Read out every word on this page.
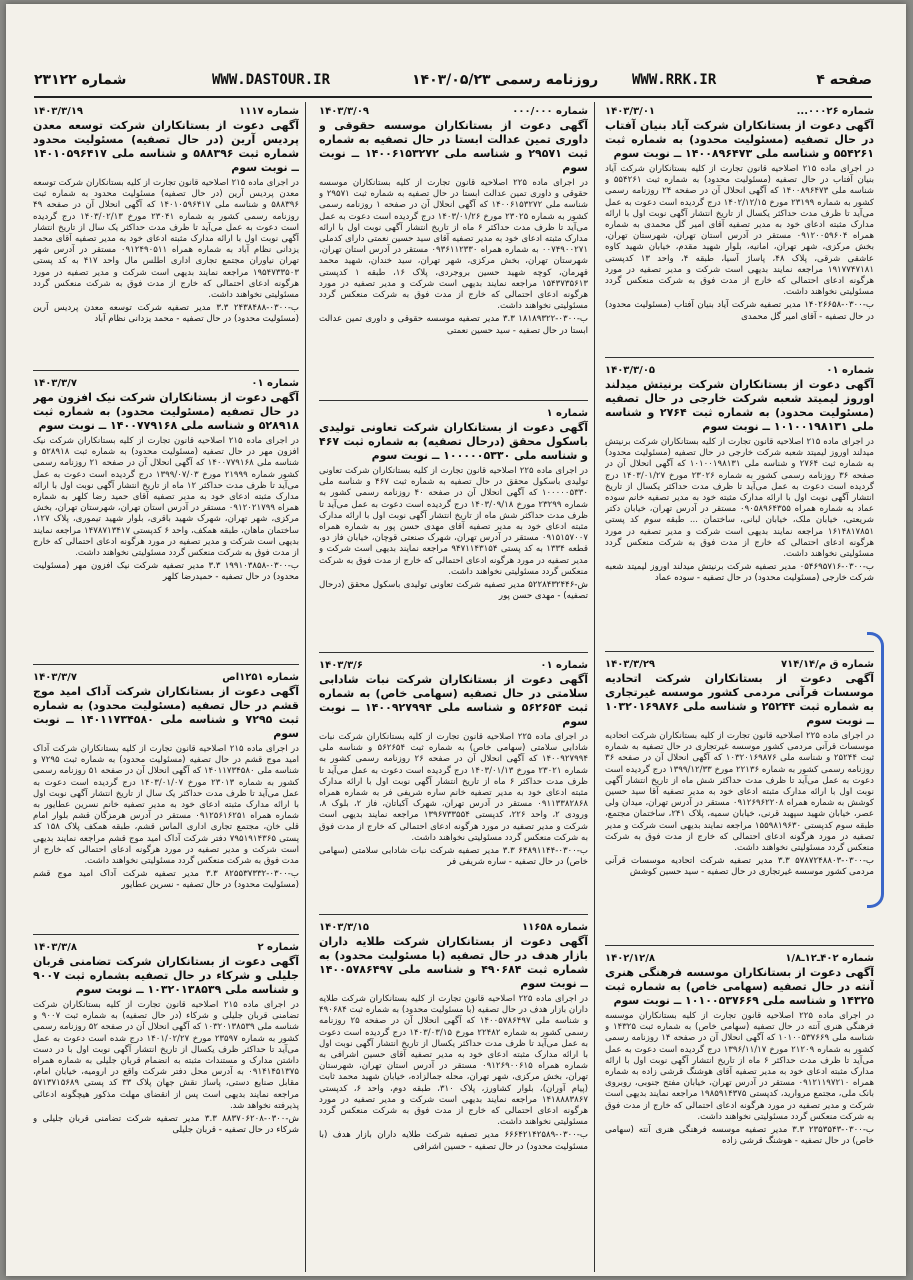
صفحه ۴
WWW.RRK.IR
روزنامه رسمی ۱۴۰۳/۰۵/۲۳
WWW.DASTOUR.IR
شماره ۲۳۱۲۲
۱۴۰۳/۳/۰۱	شماره ۰۰۰۲۶...
آگهی دعوت از بستانکاران شرکت آیاد بنیان آفتاب در حال تصفیه (مسئولیت محدود) به شماره ثبت ۵۵۴۲۶۱ و شناسه ملی ۱۴۰۰۸۹۶۴۷۳ ــ نوبت سوم
در اجرای ماده ۲۱۵ اصلاحیه قانون تجارت از کلیه بستانکاران شرکت آیاد بنیان آفتاب در حال تصفیه (مسئولیت محدود) به شماره ثبت ۵۵۴۲۶۱ و شناسه ملی ۱۴۰۰۸۹۶۴۷۳ که آگهی انحلال آن در صفحه ۲۴ روزنامه رسمی کشور به شماره ۲۳۱۹۹ مورخ ۱۴۰۲/۱۲/۱۵ درج گردیده است دعوت به عمل می‌آید تا ظرف مدت حداکثر یکسال از تاریخ انتشار آگهی نوبت اول با ارائه مدارک مثبته ادعای خود به مدیر تصفیه آقای امیر گل محمدی به شماره همراه ۰۹۱۲۰۰۵۹۶۰۴ مستقر در آدرس استان تهران، شهرستان تهران، بخش مرکزی، شهر تهران، امانیه، بلوار شهید مقدم، خیابان شهید کاوه عاشقی شرقی، پلاک ۴۸، پاساژ آسیا، طبقه ۴، واحد ۱۳ کدپستی ۱۹۱۷۷۴۷۱۸۱ مراجعه نمایند بدیهی است شرکت و مدیر تصفیه در مورد هرگونه ادعای احتمالی که خارج از مدت فوق به شرکت منعکس گردد مسئولیتی نخواهند داشت.
ب-۰۳۰۰-۱۴۰۲۶۶۵۸ مدیر تصفیه شرکت آیاد بنیان آفتاب (مسئولیت محدود) در حال تصفیه - آقای امیر گل محمدی
۱۴۰۳/۳/۰۵	شماره ۰۱
آگهی دعوت از بستانکاران شرکت برنیتش میدلند اوروز لیمیتد شعبه شرکت خارجی در حال تصفیه (مسئولیت محدود) به شماره ثبت ۲۷۶۴ و شناسه ملی ۱۰۱۰۰۱۹۸۱۳۱ ــ نوبت سوم
در اجرای ماده ۲۱۵ اصلاحیه قانون تجارت از کلیه بستانکاران شرکت برنیتش میدلند اوروز لیمیتد شعبه شرکت خارجی در حال تصفیه (مسئولیت محدود) به شماره ثبت ۲۷۶۴ و شناسه ملی ۱۰۱۰۰۱۹۸۱۳۱ که آگهی انحلال آن در صفحه ۳۶ روزنامه رسمی کشور به شماره ۲۳۰۲۶ مورخ ۱۴۰۳/۰۱/۲۷ درج گردیده است دعوت به عمل می‌آید تا ظرف مدت حداکثر یکسال از تاریخ انتشار آگهی نوبت اول با ارائه مدارک مثبته خود به مدیر تصفیه خانم سوده عماد به شماره همراه ۰۹۰۵۸۹۶۴۳۵۵ مستقر در آدرس تهران، خیابان دکتر شریعتی، خیابان ملک، خیابان لبانی، ساختمان ... طبقه سوم کد پستی ۱۶۱۴۸۱۷۸۵۱ مراجعه نمایند بدیهی است شرکت و مدیر تصفیه در مورد هرگونه ادعای احتمالی که خارج از مدت فوق به شرکت منعکس گردد مسئولیتی نخواهند داشت.
ب-۰۳۰۰-۰۵۴۶۹۵۷۱۶ مدیر تصفیه شرکت برنیتش میدلند اوروز لیمیتد شعبه شرکت خارجی (مسئولیت محدود) در حال تصفیه - سوده عماد
۱۴۰۳/۳/۲۹	شماره ق م/۷۱۴/۱۴
آگهی دعوت از بستانکاران شرکت اتحادیه موسسات قرآنی مردمی کشور موسسه غیرتجاری به شماره ثبت ۲۵۲۴۴ و شناسه ملی ۱۰۳۲۰۱۶۹۸۷۶ ــ نوبت سوم
در اجرای ماده ۲۲۵ اصلاحیه قانون تجارت از کلیه بستانکاران شرکت اتحادیه موسسات قرآنی مردمی کشور موسسه غیرتجاری در حال تصفیه به شماره ثبت ۲۵۲۴۴ و شناسه ملی ۱۰۳۲۰۱۶۹۸۷۶ که آگهی انحلال آن در صفحه ۳۶ روزنامه رسمی کشور به شماره ۲۲۱۳۶ مورخ ۱۳۹۹/۱۲/۳۳ درج گردیده است دعوت به عمل می‌آید تا ظرف مدت حداکثر شش ماه از تاریخ انتشار آگهی نوبت اول با ارائه مدارک مثبته ادعای خود به مدیر تصفیه آقا سید حسین کوشش به شماره همراه ۰۹۱۲۶۹۶۲۲۰۸ مستقر در آدرس تهران، میدان ولی عصر، خیابان شهید سپهبد قرنی، خیابان سمیه، پلاک ۲۴۱، ساختمان مجتمع، طبقه سوم کدپستی ۱۵۵۹۸۱۹۶۳۰ مراجعه نمایند بدیهی است شرکت و مدیر تصفیه در مورد هرگونه ادعای احتمالی که خارج از مدت فوق به شرکت منعکس گردد مسئولیتی نخواهند داشت.
ب-۰۳۰۰-۵۷۸۷۲۴۸۸۰۳ ۳.۳ مدیر تصفیه شرکت اتحادیه موسسات قرآنی مردمی کشور موسسه غیرتجاری در حال تصفیه - سید حسین کوشش
۱۴۰۲/۱۲/۸	شماره ۴۰۲ـ۱۲ـ۱/۸
آگهی دعوت از بستانکاران موسسه فرهنگی هنری آنته در حال تصفیه (سهامی خاص) به شماره ثبت ۱۴۳۲۵ و شناسه ملی ۱۰۱۰۰۵۳۷۶۶۹ ــ نوبت سوم
در اجرای ماده ۲۲۵ اصلاحیه قانون تجارت از کلیه بستانکاران موسسه فرهنگی هنری آنته در حال تصفیه (سهامی خاص) به شماره ثبت ۱۴۳۲۵ و شناسه ملی ۱۰۱۰۰۵۳۷۶۶۹ که آگهی انحلال آن در صفحه ۱۴ روزنامه رسمی کشور به شماره ۲۱۲۰۹ مورخ ۱۳۹۶/۱۱/۱۷ درج گردیده است دعوت به عمل می‌آید تا ظرف مدت حداکثر ۶ ماه از تاریخ انتشار آگهی نوبت اول با ارائه مدارک مثبته ادعای خود به مدیر تصفیه آقای هوشنگ قرشی زاده به شماره همراه ۰۹۱۲۱۱۹۷۲۱۰ مستقر در آدرس تهران، خیابان مفتح جنوبی، روبروی بانک ملی، مجتمع مروارید، کدپستی ۱۹۸۵۹۱۴۳۷۵ مراجعه نمایند بدیهی است شرکت و مدیر تصفیه در مورد هرگونه ادعای احتمالی که خارج از مدت فوق به شرکت منعکس گردد مسئولیتی نخواهند داشت.
ب-۰۳۰۰-۲۳۵۳۵۴۳ ۳.۳ مدیر تصفیه موسسه فرهنگی هنری آنته (سهامی خاص) در حال تصفیه - هوشنگ قرشی زاده
۱۴۰۳/۳/۰۹	شماره ۰۰۰/۰۰۰
آگهی دعوت از بستانکاران موسسه حقوقی و داوری تمین عدالت ابستا در حال تصفیه به شماره ثبت ۲۹۵۷۱ و شناسه ملی ۱۴۰۰۶۱۵۳۲۷۲ ــ نوبت سوم
در اجرای ماده ۲۲۵ اصلاحیه قانون تجارت از کلیه بستانکاران موسسه حقوقی و داوری تمین عدالت ابستا در حال تصفیه به شماره ثبت ۲۹۵۷۱ و شناسه ملی ۱۴۰۰۶۱۵۳۲۷۲ که آگهی انحلال آن در صفحه ۱ روزنامه رسمی کشور به شماره ۲۳۰۲۵ مورخ ۱۴۰۳/۰۱/۲۶ درج گردیده است دعوت به عمل می‌آید تا ظرف مدت حداکثر ۶ ماه از تاریخ انتشار آگهی نوبت اول با ارائه مدارک مثبته ادعای خود به مدیر تصفیه آقای سید حسین نعمتی دارای کدملی ۰۰۷۴۹۰۰۲۷۱ به شماره همراه ۰۹۳۶۱۱۲۳۳۰ مستقر در آدرس استان تهران، شهرستان تهران، بخش مرکزی، شهر تهران، سید خندان، شهید محمد قهرمان، کوچه شهید حسین بروجردی، پلاک ۱۶، طبقه ۱ کدپستی ۱۵۴۳۷۳۵۶۱۳ مراجعه نمایند بدیهی است شرکت و مدیر تصفیه در مورد هرگونه ادعای احتمالی که خارج از مدت فوق به شرکت منعکس گردد مسئولیتی نخواهند داشت.
ب-۰۳۰۰-۱۸۱۸۹۳۲۲ ۳.۳ مدیر تصفیه موسسه حقوقی و داوری تمین عدالت ابستا در حال تصفیه - سید حسین نعمتی
شماره ۱
آگهی دعوت از بستانکاران شرکت تعاونی تولیدی باسکول محقق (درحال تصفیه) به شماره ثبت ۴۶۷ و شناسه ملی ۱۰۰۰۰۰۵۳۳۰ ــ نوبت سوم
در اجرای ماده ۲۲۵ اصلاحیه قانون تجارت از کلیه بستانکاران شرکت تعاونی تولیدی باسکول محقق در حال تصفیه به شماره ثبت ۴۶۷ و شناسه ملی ۱۰۰۰۰۰۵۳۳۰ که آگهی انحلال آن در صفحه ۴۰ روزنامه رسمی کشور به شماره ۲۳۲۹۹ مورخ ۱۴۰۳/۰۹/۱۸ درج گردیده است دعوت به عمل می‌آید تا ظرف مدت حداکثر شش ماه از تاریخ انتشار آگهی نوبت اول با ارائه مدارک مثبته ادعای خود به مدیر تصفیه آقای مهدی حسن پور به شماره همراه ۰۹۱۵۱۵۷۰۰۷ مستقر در آدرس تهران، شهرک صنعتی قوچان، خیابان فاز دو، قطعه ۱۳۳۴ به کد پستی ۹۴۷۱۱۴۳۱۵۴ مراجعه نمایند بدیهی است شرکت و مدیر تصفیه در مورد هرگونه ادعای احتمالی که خارج از مدت فوق به شرکت منعکس گردد مسئولیتی نخواهند داشت.
ش-۵۲۲۸۴۳۲۴۴۶ مدیر تصفیه شرکت تعاونی تولیدی باسکول محقق (درحال تصفیه) - مهدی حسن پور
۱۴۰۳/۳/۶	شماره ۰۱
آگهی دعوت از بستانکاران شرکت نبات شادابی سلامتی در حال تصفیه (سهامی خاص) به شماره ثبت ۵۶۲۶۵۴ و شناسه ملی ۱۴۰۰۹۲۷۹۹۴ ــ نوبت سوم
در اجرای ماده ۲۲۵ اصلاحیه قانون تجارت از کلیه بستانکاران شرکت نبات شادابی سلامتی (سهامی خاص) به شماره ثبت ۵۶۲۶۵۴ و شناسه ملی ۱۴۰۰۹۲۷۹۹۴ که آگهی انحلال آن در صفحه ۲۶ روزنامه رسمی کشور به شماره ۲۳۰۲۱ مورخ ۱۴۰۳/۰۱/۱۳ درج گردیده است دعوت به عمل می‌آید تا ظرف مدت حداکثر ۶ ماه از تاریخ انتشار آگهی نوبت اول با ارائه مدارک مثبته ادعای خود به مدیر تصفیه خانم ساره شریفی فر به شماره همراه ۰۹۱۱۳۳۸۲۸۶۸ مستقر در آدرس تهران، شهرک آکباتان، فاز ۲، بلوک ۸، ورودی ۲، واحد ۲۲۶، کدپستی ۱۳۹۶۷۳۳۵۵۴ مراجعه نمایند بدیهی است شرکت و مدیر تصفیه در مورد هرگونه ادعای احتمالی که خارج از مدت فوق به شرکت منعکس گردد مسئولیتی نخواهند داشت.
ب-۰۳۰۰-۶۴۸۹۱۱۴۴ ۳.۳ مدیر تصفیه شرکت نبات شادابی سلامتی (سهامی خاص) در حال تصفیه - ساره شریفی فر
۱۴۰۳/۳/۱۵	شماره ۱۱۶۵۸
آگهی دعوت از بستانکاران شرکت طلایه داران بازار هدف در حال تصفیه (با مسئولیت محدود) به شماره ثبت ۴۹۰۶۸۴ و شناسه ملی ۱۴۰۰۵۷۸۶۴۹۷ ــ نوبت سوم
در اجرای ماده ۲۲۵ اصلاحیه قانون تجارت از کلیه بستانکاران شرکت طلایه داران بازار هدف در حال تصفیه (با مسئولیت محدود) به شماره ثبت ۴۹۰۶۸۴ و شناسه ملی ۱۴۰۰۵۷۸۶۴۹۷ که آگهی انحلال آن در صفحه ۲۵ روزنامه رسمی کشور به شماره ۲۲۴۸۲ مورخ ۱۴۰۳/۰۳/۱۵ درج گردیده است دعوت به عمل می‌آید تا ظرف مدت حداکثر یکسال از تاریخ انتشار آگهی نوبت اول با ارائه مدارک مثبته ادعای خود به مدیر تصفیه آقای حسین اشرافی به شماره همراه ۰۹۱۲۶۹۰۰۶۱۵ مستقر در آدرس استان تهران، شهرستان تهران، بخش مرکزی، شهر تهران، محله جمالزاده، خیابان شهید محمد ثابت (پیام آوران)، بلوار کشاورز، پلاک ۳۱۰، طبقه دوم، واحد ۶، کدپستی ۱۴۱۸۸۸۳۸۶۷ مراجعه نمایند بدیهی است شرکت و مدیر تصفیه در مورد هرگونه ادعای احتمالی که خارج از مدت فوق به شرکت منعکس گردد مسئولیتی نخواهند داشت.
ب-۰۳۰۰-۶۶۶۴۲۱۴۲۵۸۹ مدیر تصفیه شرکت طلایه داران بازار هدف (با مسئولیت محدود) در حال تصفیه - حسین اشرافی
۱۴۰۳/۳/۱۹	شماره ۱۱۱۷
آگهی دعوت از بستانکاران شرکت توسعه معدن پردیس آرین (در حال تصفیه) مسئولیت محدود شماره ثبت ۵۸۸۳۹۶ و شناسه ملی ۱۴۰۱۰۵۹۶۴۱۷ ــ نوبت سوم
در اجرای ماده ۲۱۵ اصلاحیه قانون تجارت از کلیه بستانکاران شرکت توسعه معدن پردیس آرین (در حال تصفیه) مسئولیت محدود به شماره ثبت ۵۸۸۳۹۶ و شناسه ملی ۱۴۰۱۰۵۹۶۴۱۷ که آگهی انحلال آن در صفحه ۴۹ روزنامه رسمی کشور به شماره ۲۳۰۴۱ مورخ ۱۴۰۳/۰۲/۱۳ درج گردیده است دعوت به عمل می‌آید تا ظرف مدت حداکثر یک سال از تاریخ انتشار آگهی نوبت اول با ارائه مدارک مثبته ادعای خود به مدیر تصفیه آقای محمد یزدانی نظام آباد به شماره همراه ۰۹۱۲۴۹۰۵۱۱ مستقر در آدرس شهر تهران نیاوران مجتمع تجاری اداری اطلس مال واحد ۴۱۷ به کد پستی ۱۹۵۴۷۳۳۵۰۳ مراجعه نمایند بدیهی است شرکت و مدیر تصفیه در مورد هرگونه ادعای احتمالی که خارج از مدت فوق به شرکت منعکس گردد مسئولیتی نخواهند داشت.
ب-۰۳۰۰-۲۴۳۸۴۸۸ ۳.۳ مدیر تصفیه شرکت توسعه معدن پردیس آرین (مسئولیت محدود) در حال تصفیه - محمد یزدانی نظام آباد
۱۴۰۳/۳/۷	شماره ۰۱
آگهی دعوت از بستانکاران شرکت نیک افزون مهر در حال تصفیه (مسئولیت محدود) به شماره ثبت ۵۲۸۹۱۸ و شناسه ملی ۱۴۰۰۷۷۹۱۶۸ ــ نوبت سوم
در اجرای ماده ۲۱۵ اصلاحیه قانون تجارت از کلیه بستانکاران شرکت نیک افزون مهر در حال تصفیه (مسئولیت محدود) به شماره ثبت ۵۲۸۹۱۸ و شناسه ملی ۱۴۰۰۷۷۹۱۶۸ که آگهی انحلال آن در صفحه ۲۱ روزنامه رسمی کشور شماره ۲۱۹۹۹ مورخ ۱۳۹۹/۰۷/۰۳ درج گردیده است دعوت به عمل می‌آید تا ظرف مدت حداکثر ۱۲ ماه از تاریخ انتشار آگهی نوبت اول با ارائه مدارک مثبته ادعای خود به مدیر تصفیه آقای حمید رضا کلهر به شماره همراه ۰۹۱۲۰۲۱۷۹۹ مستقر در آدرس استان تهران، شهرستان تهران، بخش مرکزی، شهر تهران، شهرک شهید باقری، بلوار شهید تیموری، پلاک ۱۲۷، ساختمان ماهان، طبقه همکف، واحد ۶ کدپستی ۱۴۷۸۷۱۳۴۱۷ مراجعه نمایند بدیهی است شرکت و مدیر تصفیه در مورد هرگونه ادعای احتمالی که خارج از مدت فوق به شرکت منعکس گردد مسئولیتی نخواهند داشت.
ب-۰۳۰۰-۱۹۹۱۰۳۸۵۸ ۳.۳ مدیر تصفیه شرکت نیک افزون مهر (مسئولیت محدود) در حال تصفیه - حمیدرضا کلهر
۱۴۰۳/۳/۷	شماره ۱۲۵۱اص
آگهی دعوت از بستانکاران شرکت آداک امید موج قشم در حال تصفیه (مسئولیت محدود) به شماره ثبت ۷۲۹۵ و شناسه ملی ۱۴۰۱۱۷۳۴۵۸۰ ــ نوبت سوم
در اجرای ماده ۲۱۵ اصلاحیه قانون تجارت از کلیه بستانکاران شرکت آداک امید موج قشم در حال تصفیه (مسئولیت محدود) به شماره ثبت ۷۲۹۵ و شناسه ملی ۱۴۰۱۱۷۳۴۵۸۰ که آگهی انحلال آن در صفحه ۵۱ روزنامه رسمی کشور به شماره ۲۳۰۱۳ مورخ ۱۴۰۳/۰۱/۰۷ درج گردیده است دعوت به عمل می‌آید تا ظرف مدت حداکثر یک سال از تاریخ انتشار آگهی نوبت اول با ارائه مدارک مثبته ادعای خود به مدیر تصفیه خانم نسرین عطایور به شماره همراه ۰۹۱۲۵۶۱۶۲۵۱ مستقر در آدرس هرمزگان قشم بلوار امام قلی خان، مجتمع تجاری اداری الماس قشم، طبقه همکف پلاک ۱۵۸ کد پستی ۷۹۵۱۹۱۴۳۶۵ دفتر شرکت آداک امید موج قشم مراجعه نمایند بدیهی است شرکت و مدیر تصفیه در مورد هرگونه ادعای احتمالی که خارج از مدت فوق به شرکت منعکس گردد مسئولیتی نخواهند داشت.
ب-۰۳۰۰-۸۲۵۵۳۷۳۳۲ ۳.۳ مدیر تصفیه شرکت آداک امید موج قشم (مسئولیت محدود) در حال تصفیه - نسرین عطایور
۱۴۰۳/۳/۸	شماره ۲
آگهی دعوت از بستانکاران شرکت تضامنی قربان جلیلی و شرکاء در حال تصفیه بشماره ثبت ۹۰۰۷ و شناسه ملی ۱۰۳۲۰۱۳۸۵۳۹ ــ نوبت سوم
در اجرای ماده ۲۱۵ اصلاحیه قانون تجارت از کلیه بستانکاران شرکت تضامنی قربان جلیلی و شرکاء (در حال تصفیه) به شماره ثبت ۹۰۰۷ و شناسه ملی ۱۰۳۲۰۱۳۸۵۳۹ که آگهی انحلال آن در صفحه ۵۲ روزنامه رسمی کشور به شماره ۲۳۵۹۷ مورخ ۱۴۰۱/۰۲/۲۷ درج شده است دعوت به عمل می‌آید تا حداکثر ظرف یکسال از تاریخ انتشار آگهی نوبت اول با در دست داشتن مدارک و مستندات مثبته به انضمام قربان جلیلی به شماره همراه ۰۹۱۴۱۴۵۱۳۷۵ به آدرس محل دفتر شرکت واقع در ارومیه، خیابان امام، مقابل صنایع دستی، پاساژ نقش جهان پلاک ۳۳ کد پستی ۵۷۱۳۷۱۵۶۸۹ مراجعه نمایند بدیهی است پس از انقضای مهلت مذکور هیچگونه ادعائی پذیرفته نخواهد شد.
ش-۰۳۰۰-۸۸۳۷۰۶۲۰۸ ۳.۳ مدیر تصفیه شرکت تضامنی قربان جلیلی و شرکاء در حال تصفیه - قربان جلیلی
